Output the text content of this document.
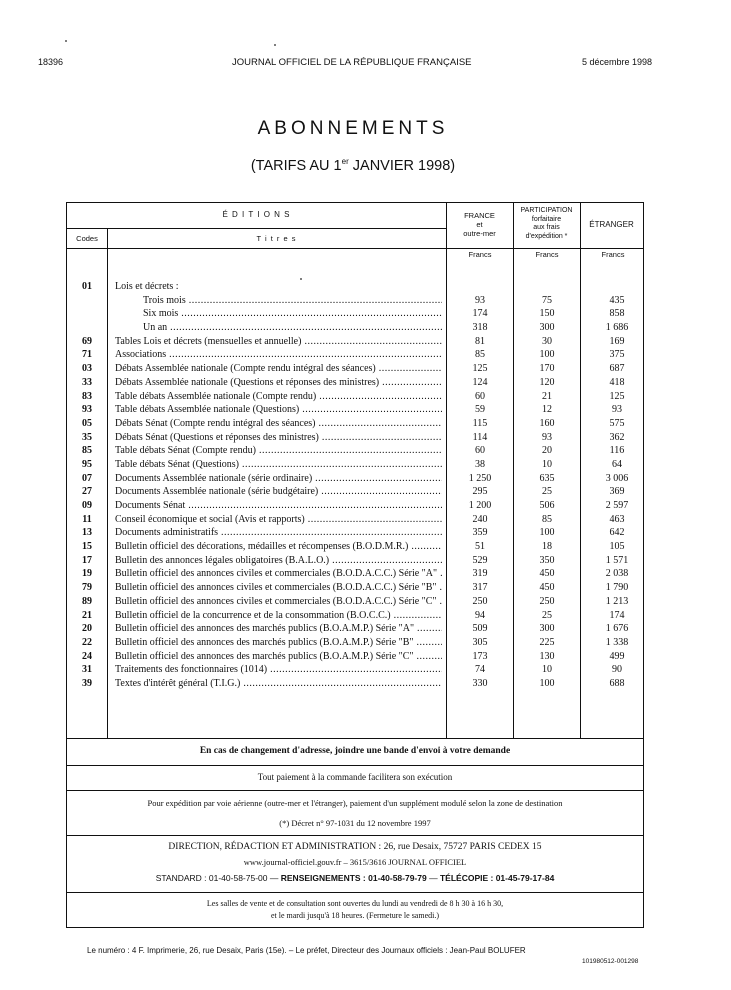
18396	JOURNAL OFFICIEL DE LA RÉPUBLIQUE FRANÇAISE	5 décembre 1998
ABONNEMENTS
(TARIFS AU 1er JANVIER 1998)
É D I T I O N S
Codes	T i t r e s
FRANCE
et
outre-mer
PARTICIPATION
forfaitaire
aux frais
d'expédition *
ÉTRANGER
Francs	Francs	Francs
01	Lois et décrets :
Trois mois .....	93	75	435
Six mois .....	174	150	858
Un an .....	318	300	1 686
69	Tables Lois et décrets (mensuelles et annuelle) .....	81	30	169
71	Associations .....	85	100	375
03	Débats Assemblée nationale (Compte rendu intégral des séances) .....	125	170	687
33	Débats Assemblée nationale (Questions et réponses des ministres) .....	124	120	418
83	Table débats Assemblée nationale (Compte rendu) .....	60	21	125
93	Table débats Assemblée nationale (Questions) .....	59	12	93
05	Débats Sénat (Compte rendu intégral des séances) .....	115	160	575
35	Débats Sénat (Questions et réponses des ministres) .....	114	93	362
85	Table débats Sénat (Compte rendu) .....	60	20	116
95	Table débats Sénat (Questions) .....	38	10	64
07	Documents Assemblée nationale (série ordinaire) .....	1 250	635	3 006
27	Documents Assemblée nationale (série budgétaire) .....	295	25	369
09	Documents Sénat .....	1 200	506	2 597
11	Conseil économique et social (Avis et rapports) .....	240	85	463
13	Documents administratifs .....	359	100	642
15	Bulletin officiel des décorations, médailles et récompenses (B.O.D.M.R.) .....	51	18	105
17	Bulletin des annonces légales obligatoires (B.A.L.O.) .....	529	350	1 571
19	Bulletin officiel des annonces civiles et commerciales (B.O.D.A.C.C.) Série "A" .....	319	450	2 038
79	Bulletin officiel des annonces civiles et commerciales (B.O.D.A.C.C.) Série "B" .....	317	450	1 790
89	Bulletin officiel des annonces civiles et commerciales (B.O.D.A.C.C.) Série "C" .....	250	250	1 213
21	Bulletin officiel de la concurrence et de la consommation (B.O.C.C.) .....	94	25	174
20	Bulletin officiel des annonces des marchés publics (B.O.A.M.P.) Série "A" .....	509	300	1 676
22	Bulletin officiel des annonces des marchés publics (B.O.A.M.P.) Série "B" .....	305	225	1 338
24	Bulletin officiel des annonces des marchés publics (B.O.A.M.P.) Série "C" .....	173	130	499
31	Traitements des fonctionnaires (1014) .....	74	10	90
39	Textes d'intérêt général (T.I.G.) .....	330	100	688
En cas de changement d'adresse, joindre une bande d'envoi à votre demande
Tout paiement à la commande facilitera son exécution
Pour expédition par voie aérienne (outre-mer et l'étranger), paiement d'un supplément modulé selon la zone de destination
(*) Décret n° 97-1031 du 12 novembre 1997
DIRECTION, RÉDACTION ET ADMINISTRATION : 26, rue Desaix, 75727 PARIS CEDEX 15
www.journal-officiel.gouv.fr – 3615/3616 JOURNAL OFFICIEL
STANDARD : 01-40-58-75-00 — RENSEIGNEMENTS : 01-40-58-79-79 — TÉLÉCOPIE : 01-45-79-17-84
Les salles de vente et de consultation sont ouvertes du lundi au vendredi de 8 h 30 à 16 h 30,
et le mardi jusqu'à 18 heures. (Fermeture le samedi.)
Le numéro : 4 F. Imprimerie, 26, rue Desaix, Paris (15e). – Le préfet, Directeur des Journaux officiels : Jean-Paul BOLUFER
101980512-001298
